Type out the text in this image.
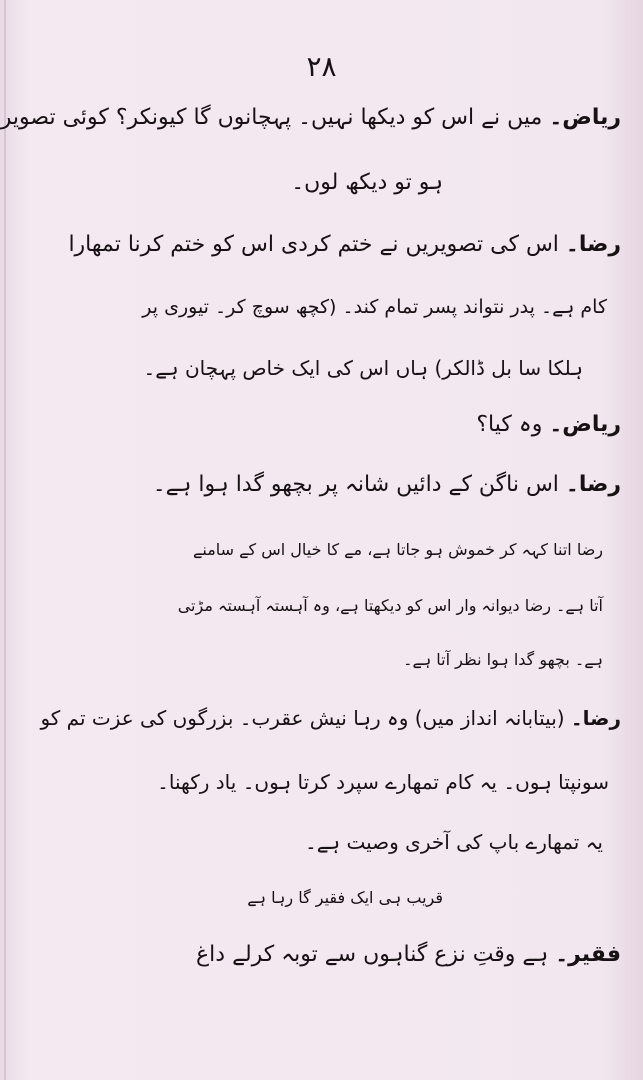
۲۸
ریاض۔ میں نے اس کو دیکھا نہیں۔ پہچانوں گا کیونکر؟ کوئی تصویر
ہو تو دیکھ لوں۔
رضا۔ اس کی تصویریں نے ختم کردی اس کو ختم کرنا تمھارا
کام ہے۔ پدر نتواند پسر تمام کند۔ (کچھ سوچ کر۔ تیوری پر
ہلکا سا بل ڈالکر) ہاں اس کی ایک خاص پہچان ہے۔
ریاض۔ وہ کیا؟
رضا۔ اس ناگن کے دائیں شانہ پر بچھو گدا ہوا ہے۔
رضا اتنا کہہ کر خموش ہو جاتا ہے، مے کا خیال اس کے سامنے
آتا ہے۔ رضا دیوانہ وار اس کو دیکھتا ہے، وہ آہستہ آہستہ مڑتی
ہے۔ بچھو گدا ہوا نظر آتا ہے۔
رضا۔ (بیتابانہ انداز میں) وہ رہا نیش عقرب۔ بزرگوں کی عزت تم کو
سونپتا ہوں۔ یہ کام تمھارے سپرد کرتا ہوں۔ یاد رکھنا۔
یہ تمھارے باپ کی آخری وصیت ہے۔
قریب ہی ایک فقیر گا رہا ہے
فقیر۔ ہے وقتِ نزع گناہوں سے توبہ کرلے داغ
